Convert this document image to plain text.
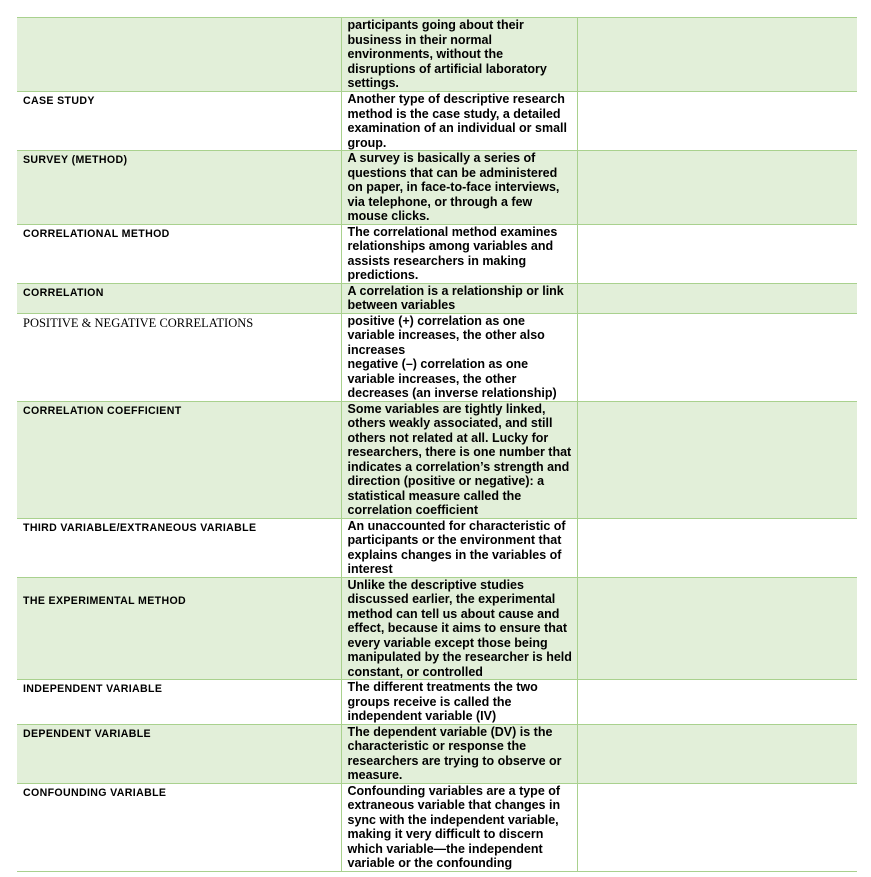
	participants going about their business in their normal environments, without the disruptions of artificial laboratory settings.	

CASE STUDY	Another type of descriptive research method is the case study, a detailed examination of an individual or small group.	

SURVEY (METHOD)	A survey is basically a series of questions that can be administered on paper, in face-to-face interviews, via telephone, or through a few mouse clicks.	

CORRELATIONAL METHOD	The correlational method examines relationships among variables and assists researchers in making predictions.	

CORRELATION	A correlation is a relationship or link between variables	

POSITIVE & NEGATIVE CORRELATIONS	positive (+) correlation as one variable increases, the other also increases
negative (–) correlation as one variable increases, the other decreases (an inverse relationship)	

CORRELATION COEFFICIENT	Some variables are tightly linked, others weakly associated, and still others not related at all. Lucky for researchers, there is one number that indicates a correlation’s strength and direction (positive or negative): a statistical measure called the correlation coefficient	

THIRD VARIABLE/EXTRANEOUS VARIABLE	An unaccounted for characteristic of participants or the environment that explains changes in the variables of interest	

THE EXPERIMENTAL METHOD	Unlike the descriptive studies discussed earlier, the experimental method can tell us about cause and effect, because it aims to ensure that every variable except those being manipulated by the researcher is held constant, or controlled	

INDEPENDENT VARIABLE	The different treatments the two groups receive is called the independent variable (IV)	

DEPENDENT VARIABLE	The dependent variable (DV) is the characteristic or response the researchers are trying to observe or measure.	

CONFOUNDING VARIABLE	Confounding variables are a type of extraneous variable that changes in sync with the independent variable, making it very difficult to discern which variable—the independent variable or the confounding	
